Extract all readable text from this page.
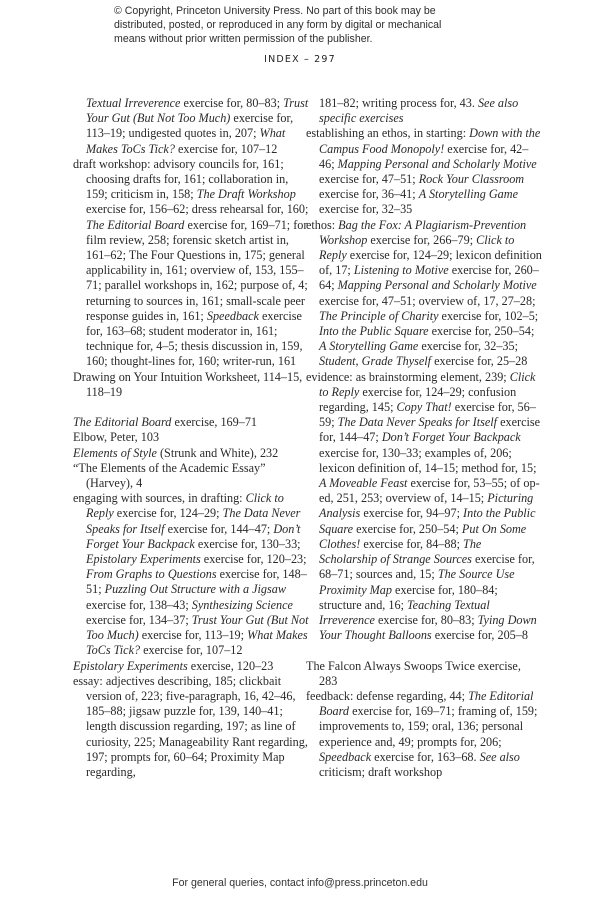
© Copyright, Princeton University Press. No part of this book may be
distributed, posted, or reproduced in any form by digital or mechanical
means without prior written permission of the publisher.
INDEX – 297

Textual Irreverence exercise for, 80–83; Trust Your Gut (But Not Too Much) exercise for, 113–19; undigested quotes in, 207; What Makes ToCs Tick? exercise for, 107–12

draft workshop: advisory councils for, 161; choosing drafts for, 161; collaboration in, 159; criticism in, 158; The Draft Workshop exercise for, 156–62; dress rehearsal for, 160; The Editorial Board exercise for, 169–71; for film review, 258; forensic sketch artist in, 161–62; The Four Questions in, 175; general applicability in, 161; overview of, 153, 155–71; parallel workshops in, 162; purpose of, 4; returning to sources in, 161; small-scale peer response guides in, 161; Speedback exercise for, 163–68; student moderator in, 161; technique for, 4–5; thesis discussion in, 159, 160; thought-lines for, 160; writer-run, 161

Drawing on Your Intuition Worksheet, 114–15, 118–19

The Editorial Board exercise, 169–71

Elbow, Peter, 103

Elements of Style (Strunk and White), 232

“The Elements of the Academic Essay” (Harvey), 4

engaging with sources, in drafting: Click to Reply exercise for, 124–29; The Data Never Speaks for Itself exercise for, 144–47; Don’t Forget Your Backpack exercise for, 130–33; Epistolary Experiments exercise for, 120–23; From Graphs to Questions exercise for, 148–51; Puzzling Out Structure with a Jigsaw exercise for, 138–43; Synthesizing Science exercise for, 134–37; Trust Your Gut (But Not Too Much) exercise for, 113–19; What Makes ToCs Tick? exercise for, 107–12

Epistolary Experiments exercise, 120–23

essay: adjectives describing, 185; clickbait version of, 223; five-paragraph, 16, 42–46, 185–88; jigsaw puzzle for, 139, 140–41; length discussion regarding, 197; as line of curiosity, 225; Manageability Rant regarding, 197; prompts for, 60–64; Proximity Map regarding,

181–82; writing process for, 43. See also specific exercises

establishing an ethos, in starting: Down with the Campus Food Monopoly! exercise for, 42–46; Mapping Personal and Scholarly Motive exercise for, 47–51; Rock Your Classroom exercise for, 36–41; A Storytelling Game exercise for, 32–35

ethos: Bag the Fox: A Plagiarism-Prevention Workshop exercise for, 266–79; Click to Reply exercise for, 124–29; lexicon definition of, 17; Listening to Motive exercise for, 260–64; Mapping Personal and Scholarly Motive exercise for, 47–51; overview of, 17, 27–28; The Principle of Charity exercise for, 102–5; Into the Public Square exercise for, 250–54; A Storytelling Game exercise for, 32–35; Student, Grade Thyself exercise for, 25–28

evidence: as brainstorming element, 239; Click to Reply exercise for, 124–29; confusion regarding, 145; Copy That! exercise for, 56–59; The Data Never Speaks for Itself exercise for, 144–47; Don’t Forget Your Backpack exercise for, 130–33; examples of, 206; lexicon definition of, 14–15; method for, 15; A Moveable Feast exercise for, 53–55; of op-ed, 251, 253; overview of, 14–15; Picturing Analysis exercise for, 94–97; Into the Public Square exercise for, 250–54; Put On Some Clothes! exercise for, 84–88; The Scholarship of Strange Sources exercise for, 68–71; sources and, 15; The Source Use Proximity Map exercise for, 180–84; structure and, 16; Teaching Textual Irreverence exercise for, 80–83; Tying Down Your Thought Balloons exercise for, 205–8

The Falcon Always Swoops Twice exercise, 283

feedback: defense regarding, 44; The Editorial Board exercise for, 169–71; framing of, 159; improvements to, 159; oral, 136; personal experience and, 49; prompts for, 206; Speedback exercise for, 163–68. See also criticism; draft workshop

For general queries, contact info@press.princeton.edu
